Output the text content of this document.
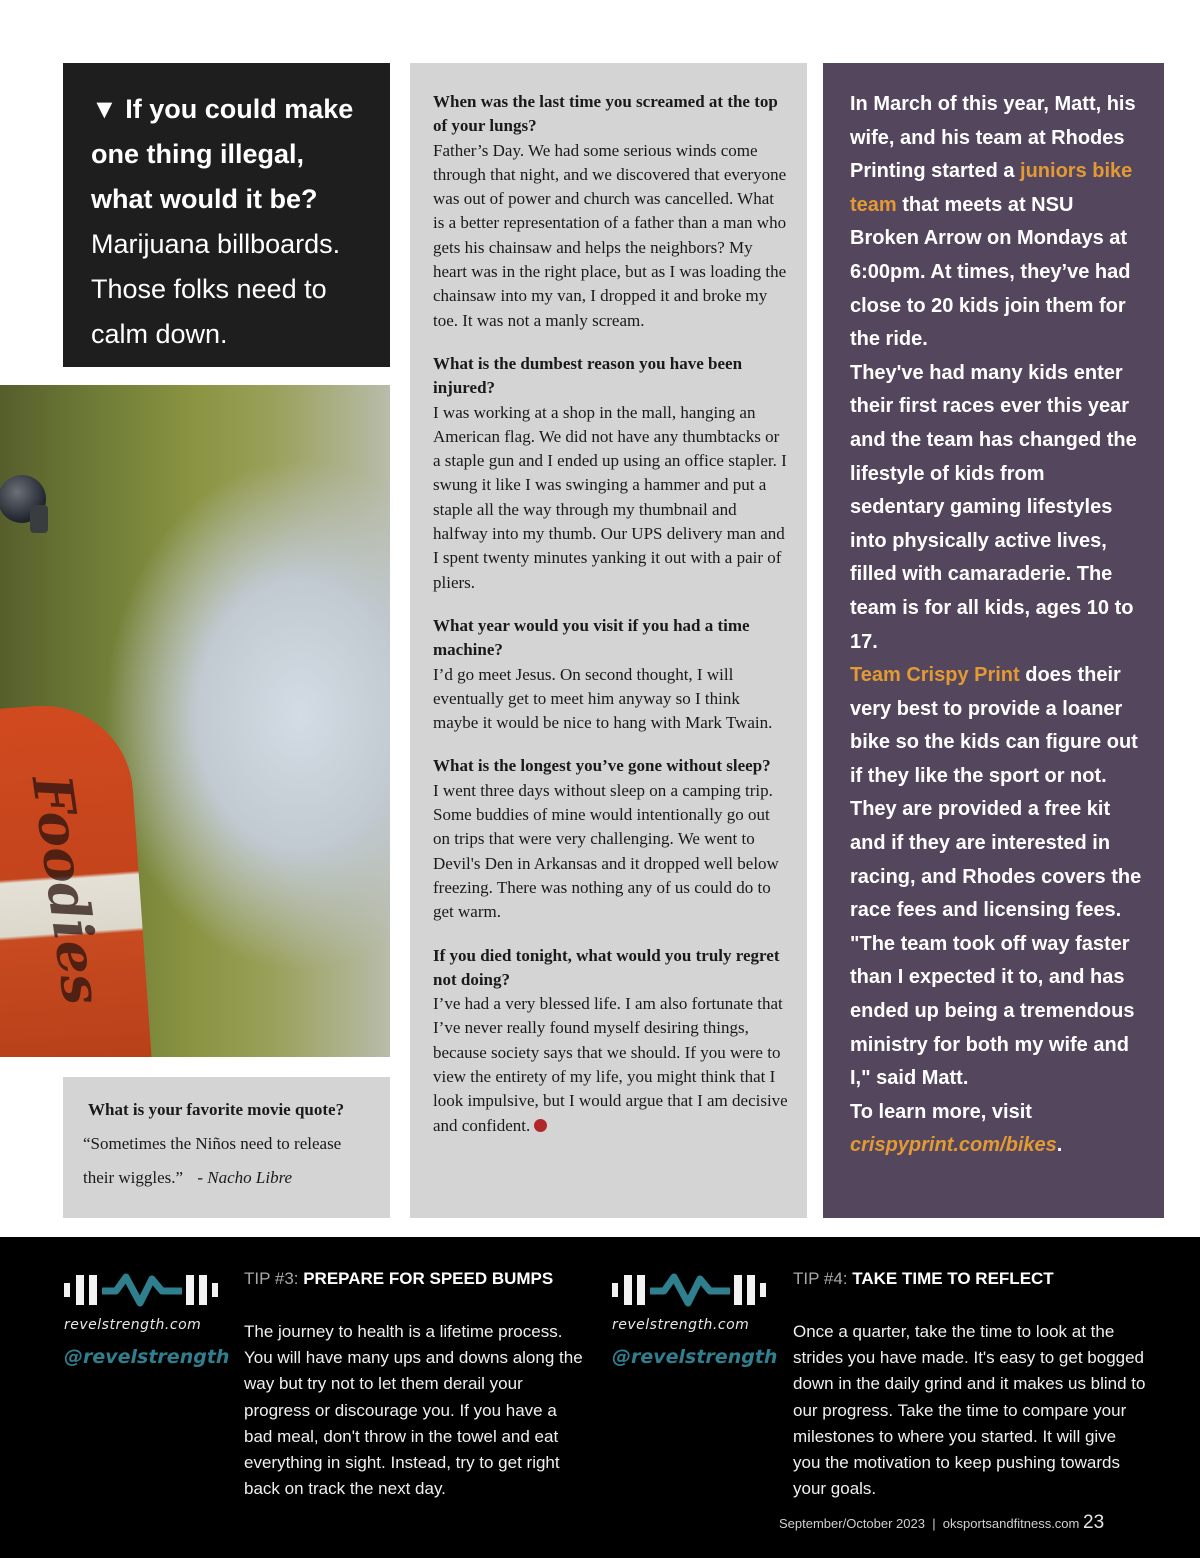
▼ If you could make one thing illegal, what would it be? Marijuana billboards. Those folks need to calm down.
Foodies
What is your favorite movie quote?
“Sometimes the Niños need to release their wiggles.” - Nacho Libre
When was the last time you screamed at the top of your lungs?
Father’s Day. We had some serious winds come through that night, and we discovered that everyone was out of power and church was cancelled. What is a better representation of a father than a man who gets his chainsaw and helps the neighbors? My heart was in the right place, but as I was loading the chainsaw into my van, I dropped it and broke my toe. It was not a manly scream.
What is the dumbest reason you have been injured?
I was working at a shop in the mall, hanging an American flag. We did not have any thumbtacks or a staple gun and I ended up using an office stapler. I swung it like I was swinging a hammer and put a staple all the way through my thumbnail and halfway into my thumb. Our UPS delivery man and I spent twenty minutes yanking it out with a pair of pliers.
What year would you visit if you had a time machine?
I’d go meet Jesus. On second thought, I will eventually get to meet him anyway so I think maybe it would be nice to hang with Mark Twain.
What is the longest you’ve gone without sleep?
I went three days without sleep on a camping trip. Some buddies of mine would intentionally go out on trips that were very challenging. We went to Devil's Den in Arkansas and it dropped well below freezing. There was nothing any of us could do to get warm.
If you died tonight, what would you truly regret not doing?
I’ve had a very blessed life. I am also fortunate that I’ve never really found myself desiring things, because society says that we should. If you were to view the entirety of my life, you might think that I look impulsive, but I would argue that I am decisive and confident.

In March of this year, Matt, his wife, and his team at Rhodes Printing started a juniors bike team that meets at NSU Broken Arrow on Mondays at 6:00pm. At times, they’ve had close to 20 kids join them for the ride.

They've had many kids enter their first races ever this year and the team has changed the lifestyle of kids from sedentary gaming lifestyles into physically active lives, filled with camaraderie. The team is for all kids, ages 10 to 17.

Team Crispy Print does their very best to provide a loaner bike so the kids can figure out if they like the sport or not. They are provided a free kit and if they are interested in racing, and Rhodes covers the race fees and licensing fees.

"The team took off way faster than I expected it to, and has ended up being a tremendous ministry for both my wife and I," said Matt.

To learn more, visit crispyprint.com/bikes.

revelstrength.com
@revelstrength
TIP #3: PREPARE FOR SPEED BUMPS
The journey to health is a lifetime process. You will have many ups and downs along the way but try not to let them derail your progress or discourage you. If you have a bad meal, don't throw in the towel and eat everything in sight. Instead, try to get right back on track the next day.
revelstrength.com
@revelstrength
TIP #4: TAKE TIME TO REFLECT
Once a quarter, take the time to look at the strides you have made. It's easy to get bogged down in the daily grind and it makes us blind to our progress. Take the time to compare your milestones to where you started. It will give you the motivation to keep pushing towards your goals.
September/October 2023  |  oksportsandfitness.com 23
